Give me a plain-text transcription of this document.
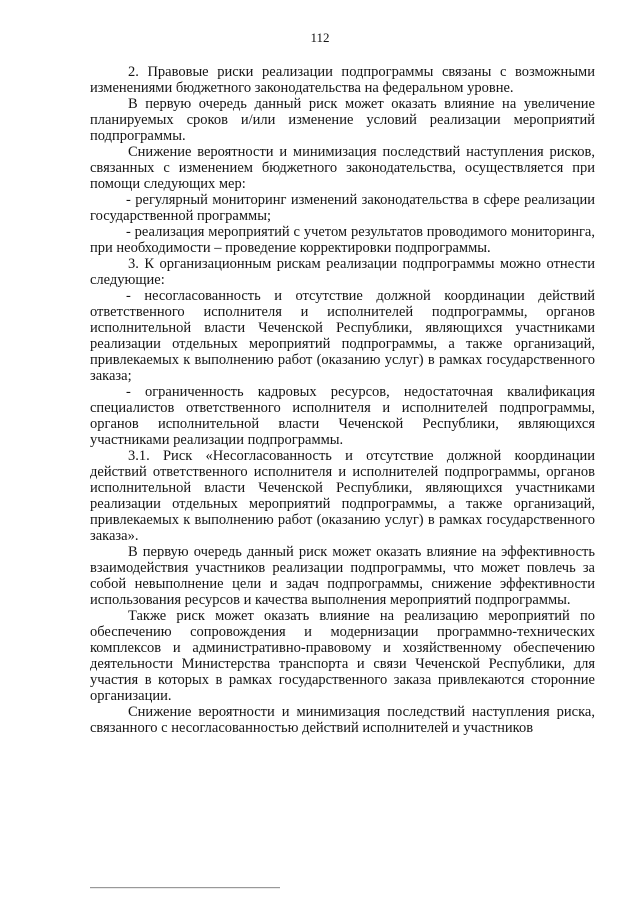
112

2. Правовые риски реализации подпрограммы связаны с возможными изменениями бюджетного законодательства на федеральном уровне.

В первую очередь данный риск может оказать влияние на увеличение планируемых сроков и/или изменение условий реализации мероприятий подпрограммы.

Снижение вероятности и минимизация последствий наступления рисков, связанных с изменением бюджетного законодательства, осуществляется при помощи следующих мер:

- регулярный мониторинг изменений законодательства в сфере реализации государственной программы;

- реализация мероприятий с учетом результатов проводимого мониторинга, при необходимости – проведение корректировки подпрограммы.

3. К организационным рискам реализации подпрограммы можно отнести следующие:

- несогласованность и отсутствие должной координации действий ответственного исполнителя и исполнителей подпрограммы, органов исполнительной власти Чеченской Республики, являющихся участниками реализации отдельных мероприятий подпрограммы, а также организаций, привлекаемых к выполнению работ (оказанию услуг) в рамках государственного заказа;

- ограниченность кадровых ресурсов, недостаточная квалификация специалистов ответственного исполнителя и исполнителей подпрограммы, органов исполнительной власти Чеченской Республики, являющихся участниками реализации подпрограммы.

3.1. Риск «Несогласованность и отсутствие должной координации действий ответственного исполнителя и исполнителей подпрограммы, органов исполнительной власти Чеченской Республики, являющихся участниками реализации отдельных мероприятий подпрограммы, а также организаций, привлекаемых к выполнению работ (оказанию услуг) в рамках государственного заказа».

В первую очередь данный риск может оказать влияние на эффективность взаимодействия участников реализации подпрограммы, что может повлечь за собой невыполнение цели и задач подпрограммы, снижение эффективности использования ресурсов и качества выполнения мероприятий подпрограммы.

Также риск может оказать влияние на реализацию мероприятий по обеспечению сопровождения и модернизации программно-технических комплексов и административно-правовому и хозяйственному обеспечению деятельности Министерства транспорта и связи Чеченской Республики, для участия в которых в рамках государственного заказа привлекаются сторонние организации.

Снижение вероятности и минимизация последствий наступления риска, связанного с несогласованностью действий исполнителей и участников
